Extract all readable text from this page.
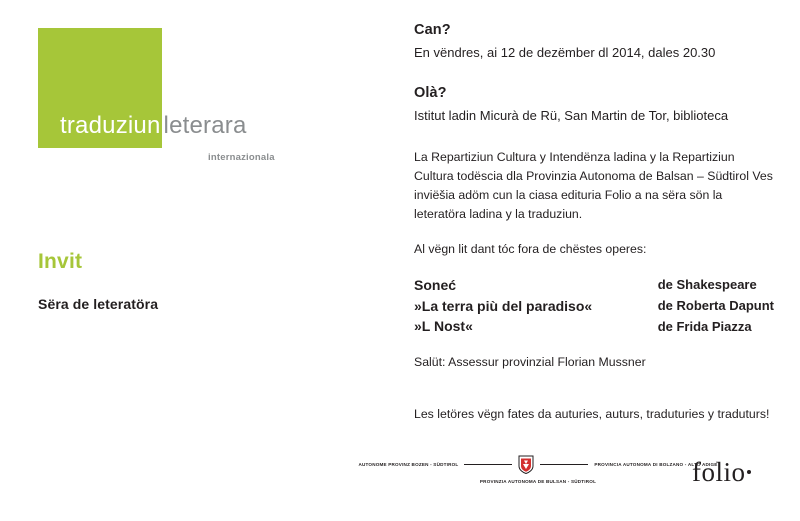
traduziun leterara
internazionala
Invit
Sëra de leteratöra
Can?
En vëndres, ai 12 de dezëmber dl 2014, dales 20.30
Olà?
Istitut ladin Micurà de Rü, San Martin de Tor, biblioteca
La Repartiziun Cultura y Intendënza ladina y la Repartiziun Cultura todëscia dla Provinzia Autonoma de Balsan – Südtirol Ves inviëšia adöm cun la ciasa edituria Folio a na sëra sön la leteratöra ladina y la traduziun.
Al vëgn lit dant tóc fora de chëstes operes:
Soneć
»La terra più del paradiso«
»L Nost«
de Shakespeare
de Roberta Dapunt
de Frida Piazza
Salüt: Assessur provinzial Florian Mussner
Les letöres vëgn fates da auturies, auturs, traduturies y traduturs!
AUTONOME PROVINZ BOZEN - SÜDTIROL	PROVINCIA AUTONOMA DI BOLZANO - ALTO ADIGE
PROVINZIA AUTONOMA DE BULSAN - SÜDTIROL	folio
